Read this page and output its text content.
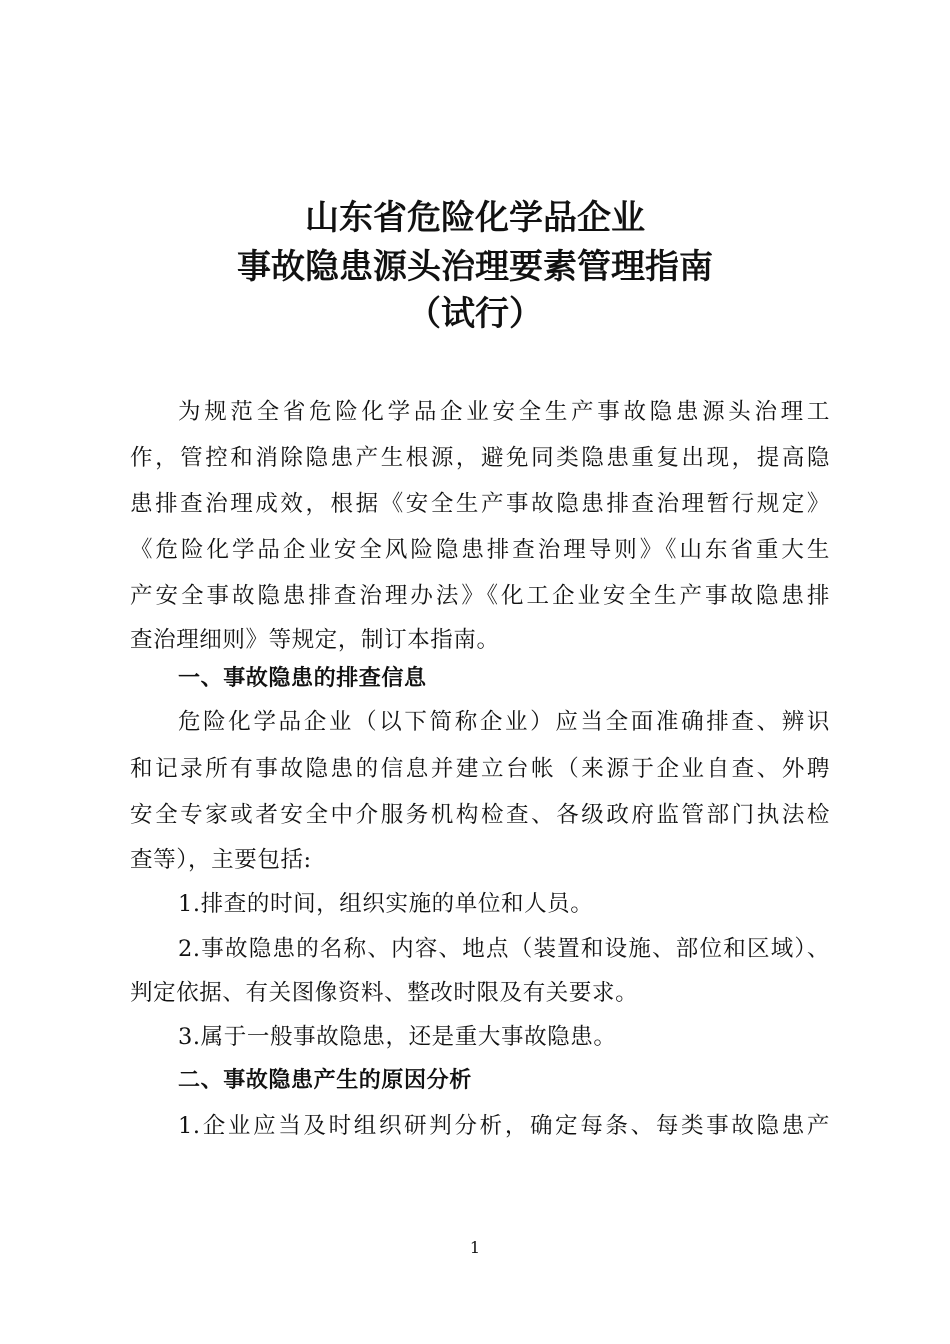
山东省危险化学品企业
事故隐患源头治理要素管理指南
（试行）
为规范全省危险化学品企业安全生产事故隐患源头治理工
作，管控和消除隐患产生根源，避免同类隐患重复出现，提高隐
患排查治理成效，根据《安全生产事故隐患排查治理暂行规定》
《危险化学品企业安全风险隐患排查治理导则》《山东省重大生
产安全事故隐患排查治理办法》《化工企业安全生产事故隐患排
查治理细则》等规定，制订本指南。
一、事故隐患的排查信息
危险化学品企业（以下简称企业）应当全面准确排查、辨识
和记录所有事故隐患的信息并建立台帐（来源于企业自查、外聘
安全专家或者安全中介服务机构检查、各级政府监管部门执法检
查等），主要包括:
1.排查的时间，组织实施的单位和人员。
2.事故隐患的名称、内容、地点（装置和设施、部位和区域）、
判定依据、有关图像资料、整改时限及有关要求。
3.属于一般事故隐患，还是重大事故隐患。
二、事故隐患产生的原因分析
1.企业应当及时组织研判分析，确定每条、每类事故隐患产
1
